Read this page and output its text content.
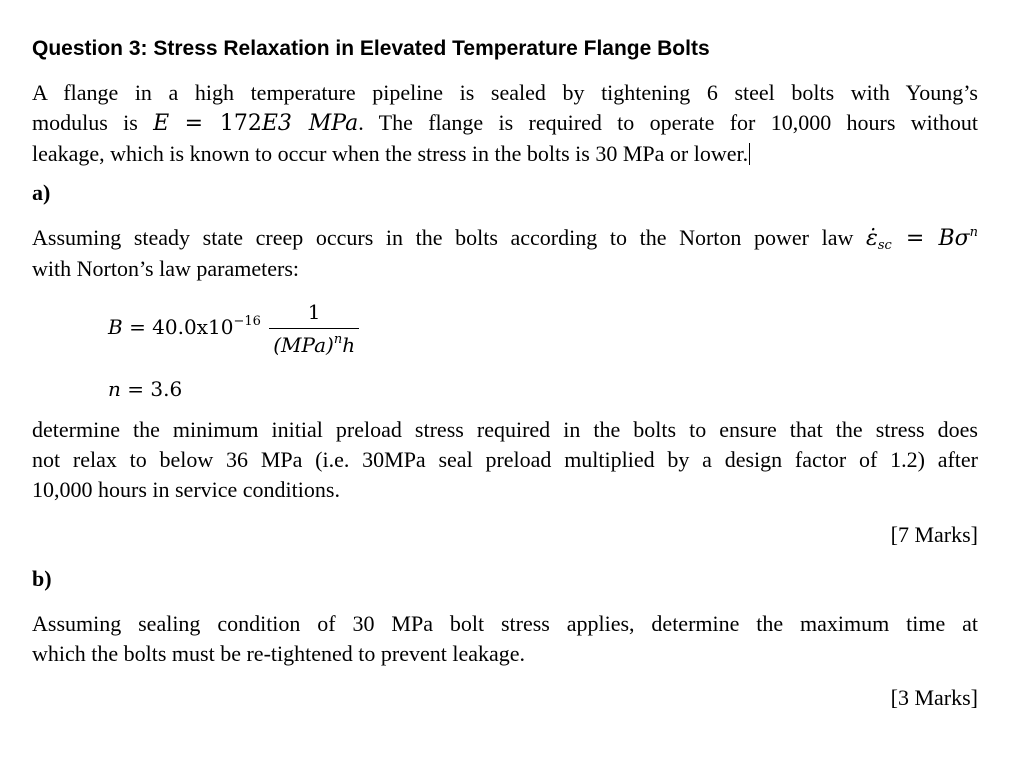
Question 3: Stress Relaxation in Elevated Temperature Flange Bolts
A flange in a high temperature pipeline is sealed by tightening 6 steel bolts with Young’s
modulus is E = 172E3 MPa. The flange is required to operate for 10,000 hours without
leakage, which is known to occur when the stress in the bolts is 30 MPa or lower.
a)
Assuming steady state creep occurs in the bolts according to the Norton power law $\varepsiloṅ_{sc} = B\sigma^n$
with Norton’s law parameters:
$B = 40.0x10^{-16} \frac{1}{(MPa)^nh}$
n = 3.6
determine the minimum initial preload stress required in the bolts to ensure that the stress does
not relax to below 36 MPa (i.e. 30MPa seal preload multiplied by a design factor of 1.2) after
10,000 hours in service conditions.
[7 Marks]
b)
Assuming sealing condition of 30 MPa bolt stress applies, determine the maximum time at
which the bolts must be re-tightened to prevent leakage.
[3 Marks]
